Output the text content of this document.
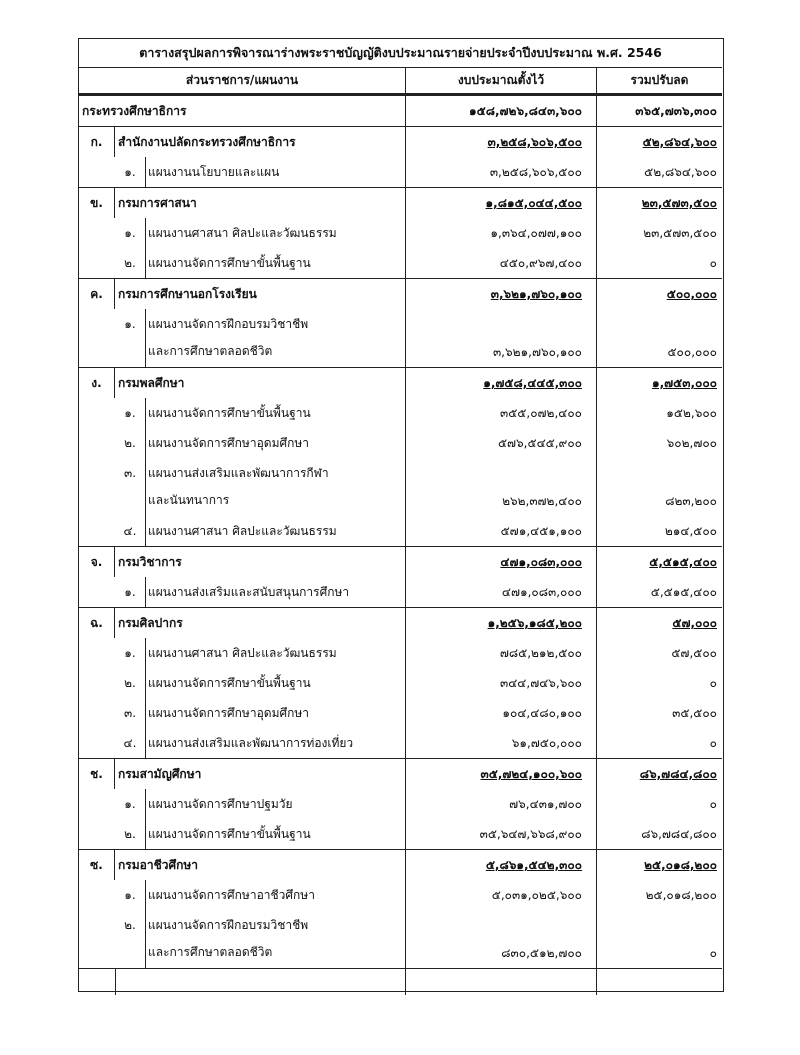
ตารางสรุปผลการพิจารณาร่างพระราชบัญญัติงบประมาณรายจ่ายประจำปีงบประมาณ พ.ศ. 2546
ส่วนราชการ/แผนงาน	งบประมาณตั้งไว้	รวมปรับลด
กระทรวงศึกษาธิการ	๑๕๘,๗๒๖,๘๔๓,๖๐๐	๓๖๕,๗๓๖,๓๐๐
ก.	สำนักงานปลัดกระทรวงศึกษาธิการ	๓,๒๕๘,๖๐๖,๕๐๐	๕๒,๘๖๔,๖๐๐
๑.	แผนงานนโยบายและแผน	๓,๒๕๘,๖๐๖,๕๐๐	๕๒,๘๖๔,๖๐๐
ข.	กรมการศาสนา	๑,๘๑๕,๐๔๔,๕๐๐	๒๓,๕๗๓,๕๐๐
๑.	แผนงานศาสนา ศิลปะและวัฒนธรรม	๑,๓๖๔,๐๗๗,๑๐๐	๒๓,๕๗๓,๕๐๐
๒.	แผนงานจัดการศึกษาขั้นพื้นฐาน	๔๕๐,๙๖๗,๔๐๐	๐
ค.	กรมการศึกษานอกโรงเรียน	๓,๖๒๑,๗๖๐,๑๐๐	๕๐๐,๐๐๐
๑.	แผนงานจัดการฝึกอบรมวิชาชีพ
และการศึกษาตลอดชีวิต	๓,๖๒๑,๗๖๐,๑๐๐	๕๐๐,๐๐๐
ง.	กรมพลศึกษา	๑,๗๕๘,๔๔๕,๓๐๐	๑,๗๕๓,๐๐๐
๑.	แผนงานจัดการศึกษาขั้นพื้นฐาน	๓๕๕,๐๗๒,๔๐๐	๑๕๒,๖๐๐
๒.	แผนงานจัดการศึกษาอุดมศึกษา	๕๗๖,๕๔๕,๙๐๐	๖๐๒,๗๐๐
๓. แผนงานส่งเสริมและพัฒนาการกีฬา
และนันทนาการ	๒๖๒,๓๗๒,๔๐๐	๘๒๓,๒๐๐
๔. แผนงานศาสนา ศิลปะและวัฒนธรรม	๕๗๑,๔๕๑,๑๐๐	๒๑๔,๕๐๐
จ.	กรมวิชาการ	๔๗๑,๐๘๓,๐๐๐	๕,๕๑๕,๔๐๐
๑.	แผนงานส่งเสริมและสนับสนุนการศึกษา	๔๗๑,๐๘๓,๐๐๐	๕,๕๑๕,๔๐๐
ฉ.	กรมศิลปากร	๑,๒๕๖,๑๘๕,๒๐๐	๕๗,๐๐๐
๑.	แผนงานศาสนา ศิลปะและวัฒนธรรม	๗๘๕,๒๑๒,๕๐๐	๕๗,๕๐๐
๒.	แผนงานจัดการศึกษาขั้นพื้นฐาน	๓๔๔,๗๔๖,๖๐๐	๐
๓. แผนงานจัดการศึกษาอุดมศึกษา	๑๐๔,๔๘๐,๑๐๐	๓๕,๕๐๐
๔. แผนงานส่งเสริมและพัฒนาการท่องเที่ยว	๖๑,๗๕๐,๐๐๐	๐
ช.	กรมสามัญศึกษา	๓๕,๗๒๔,๑๐๐,๖๐๐	๘๖,๗๘๔,๘๐๐
๑.	แผนงานจัดการศึกษาปฐมวัย	๗๖,๔๓๑,๗๐๐	๐
๒.	แผนงานจัดการศึกษาขั้นพื้นฐาน	๓๕,๖๔๗,๖๖๘,๙๐๐	๘๖,๗๘๔,๘๐๐
ซ.	กรมอาชีวศึกษา	๕,๘๖๑,๕๔๒,๓๐๐	๒๕,๐๑๘,๒๐๐
๑.	แผนงานจัดการศึกษาอาชีวศึกษา	๕,๐๓๑,๐๒๕,๖๐๐	๒๕,๐๑๘,๒๐๐
๒.	แผนงานจัดการฝึกอบรมวิชาชีพ
และการศึกษาตลอดชีวิต	๘๓๐,๕๑๒,๗๐๐	๐
